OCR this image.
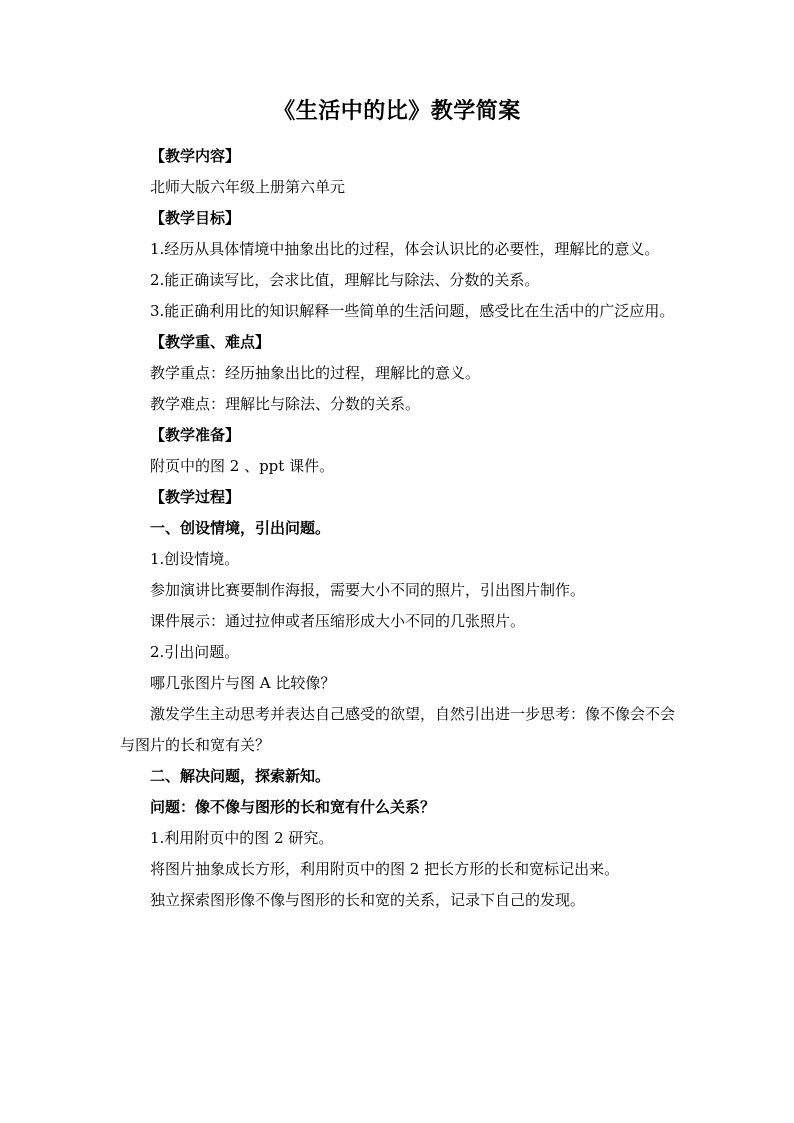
《生活中的比》教学简案

【教学内容】

北师大版六年级上册第六单元

【教学目标】

1.经历从具体情境中抽象出比的过程，体会认识比的必要性，理解比的意义。

2.能正确读写比，会求比值，理解比与除法、分数的关系。

3.能正确利用比的知识解释一些简单的生活问题，感受比在生活中的广泛应用。

【教学重、难点】

教学重点：经历抽象出比的过程，理解比的意义。

教学难点：理解比与除法、分数的关系。

【教学准备】

附页中的图 2 、ppt 课件。

【教学过程】

一、创设情境，引出问题。

1.创设情境。

参加演讲比赛要制作海报，需要大小不同的照片，引出图片制作。

课件展示：通过拉伸或者压缩形成大小不同的几张照片。

2.引出问题。

哪几张图片与图 A 比较像？

激发学生主动思考并表达自己感受的欲望，自然引出进一步思考：像不像会不会与图片的长和宽有关？

二、解决问题，探索新知。

问题：像不像与图形的长和宽有什么关系？

1.利用附页中的图 2 研究。

将图片抽象成长方形，利用附页中的图 2 把长方形的长和宽标记出来。

独立探索图形像不像与图形的长和宽的关系，记录下自己的发现。
